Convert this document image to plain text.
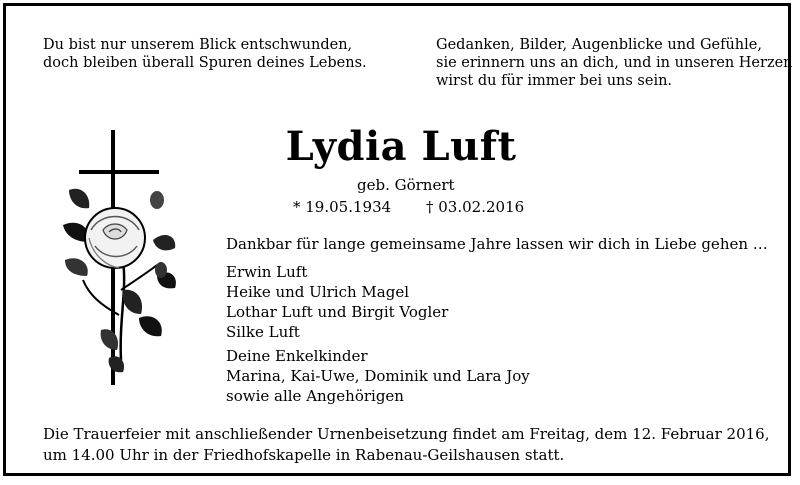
Du bist nur unserem Blick entschwunden,
doch bleiben überall Spuren deines Lebens.
Gedanken, Bilder, Augenblicke und Gefühle,
sie erinnern uns an dich, und in unseren Herzen
wirst du für immer bei uns sein.
Lydia Luft
geb. Görnert
* 19.05.1934 † 03.02.2016
Dankbar für lange gemeinsame Jahre lassen wir dich in Liebe gehen …
Erwin Luft
Heike und Ulrich Magel
Lothar Luft und Birgit Vogler
Silke Luft
Deine Enkelkinder
Marina, Kai-Uwe, Dominik und Lara Joy
sowie alle Angehörigen
Die Trauerfeier mit anschließender Urnenbeisetzung findet am Freitag, dem 12. Februar 2016,
um 14.00 Uhr in der Friedhofskapelle in Rabenau-Geilshausen statt.
